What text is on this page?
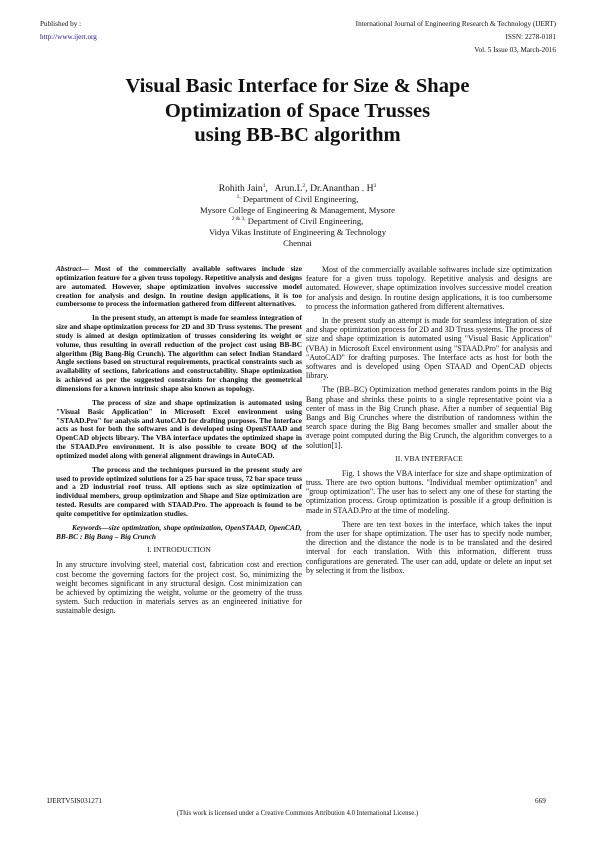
Published by :
http://www.ijert.org
International Journal of Engineering Research & Technology (IJERT)
ISSN: 2278-0181
Vol. 5 Issue 03, March-2016
Visual Basic Interface for Size & Shape
Optimization of Space Trusses
using BB-BC algorithm
Rohith Jain$^1$,   $Arun.L^2$, Dr.Ananthan . $H^3$
$^{1,}$ Department of Civil Engineering,
Mysore College of Engineering & Management, Mysore
$^{2 \& 3,}$ Department of Civil Engineering,
Vidya Vikas Institute of Engineering & Technology
Chennai

Abstract— Most of the commercially available softwares include size optimization feature for a given truss topology. Repetitive analysis and designs are automated. However, shape optimization involves successive model creation for analysis and design. In routine design applications, it is too cumbersome to process the information gathered from different alternatives.

In the present study, an attempt is made for seamless integration of size and shape optimization process for 2D and 3D Truss systems. The present study is aimed at design optimization of trusses considering its weight or volume, thus resulting in overall reduction of the project cost using BB-BC algorithm (Big Bang-Big Crunch). The algorithm can select Indian Standard Angle sections based on structural requirements, practical constraints such as availability of sections, fabrications and constructability. Shape optimization is achieved as per the suggested constraints for changing the geometrical dimensions for a known intrinsic shape also known as topology.

The process of size and shape optimization is automated using "Visual Basic Application" in Microsoft Excel environment using "STAAD.Pro" for analysis and AutoCAD for drafting purposes. The Interface acts as host for both the softwares and is developed using OpenSTAAD and OpenCAD objects library. The VBA interface updates the optimized shape in the STAAD.Pro environment. It is also possible to create BOQ of the optimized model along with general alignment drawings in AutoCAD.

The process and the techniques pursued in the present study are used to provide optimized solutions for a 25 bar space truss, 72 bar space truss and a 2D industrial roof truss. All options such as size optimization of individual members, group optimization and Shape and Size optimization are tested. Results are compared with STAAD.Pro. The approach is found to be quite competitive for optimization studies.

Keywords—size optimization, shape optimization, OpenSTAAD, OpenCAD, BB-BC : Big Bang – Big Crunch

I. INTRODUCTION

In any structure involving steel, material cost, fabrication cost and erection cost become the governing factors for the project cost. So, minimizing the weight becomes significant in any structural design. Cost minimization can be achieved by optimizing the weight, volume or the geometry of the truss system. Such reduction in materials serves as an engineered initiative for sustainable design.

Most of the commercially available softwares include size optimization feature for a given truss topology. Repetitive analysis and designs are automated. However, shape optimization involves successive model creation for analysis and design. In routine design applications, it is too cumbersome to process the information gathered from different alternatives.

In the present study an attempt is made for seamless integration of size and shape optimization process for 2D and 3D Truss systems. The process of size and shape optimization is automated using "Visual Basic Application" (VBA) in Microsoft Excel environment using "STAAD.Pro" for analysis and "AutoCAD" for drafting purposes. The Interface acts as host for both the softwares and is developed using Open STAAD and OpenCAD objects library.

The (BB–BC) Optimization method generates random points in the Big Bang phase and shrinks these points to a single representative point via a center of mass in the Big Crunch phase. After a number of sequential Big Bangs and Big Crunches where the distribution of randomness within the search space during the Big Bang becomes smaller and smaller about the average point computed during the Big Crunch, the algorithm converges to a solution[1].

II. VBA INTERFACE

Fig. 1 shows the VBA interface for size and shape optimization of truss. There are two option buttons. "Individual member optimization" and "group optimization". The user has to select any one of these for starting the optimization process. Group optimization is possible if a group definition is made in STAAD.Pro at the time of modeling.

There are ten text boxes in the interface, which takes the input from the user for shape optimization. The user has to specify node number, the direction and the distance the node is to be translated and the desired interval for each translation. With this information, different truss configurations are generated. The user can add, update or delete an input set by selecting it from the listbox.

IJERTV5IS031271	669
(This work is licensed under a Creative Commons Attribution 4.0 International License.)
